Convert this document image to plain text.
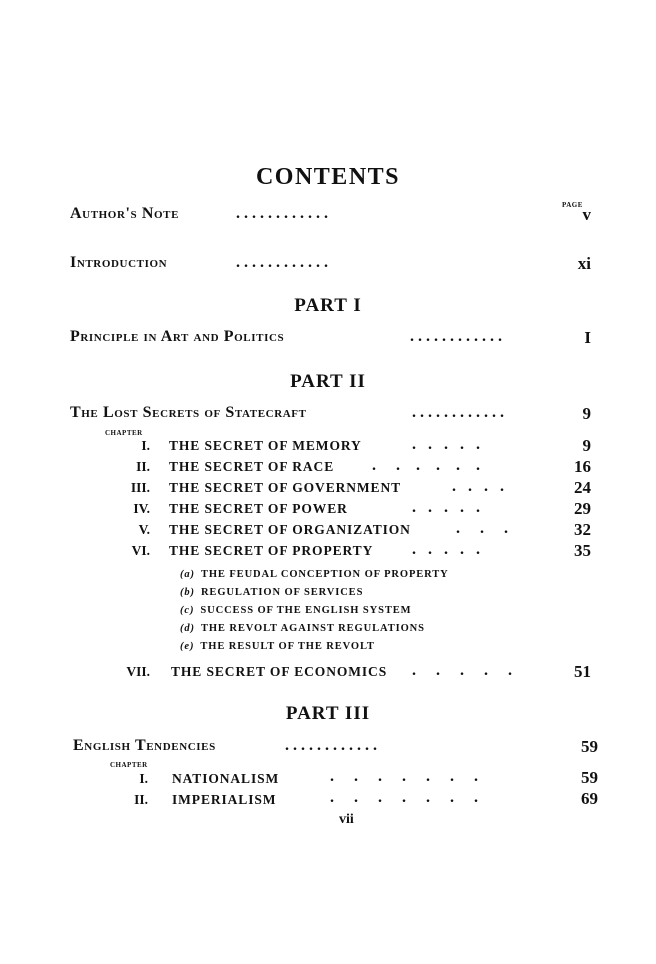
CONTENTS
PAGE
Author's Note	. . . . . . . . . . . .	v
Introduction	. . . . . . . . . . . .	xi
PART I
Principle in Art and Politics	. . . . . . . . . . . .	I
PART II
The Lost Secrets of Statecraft	. . . . . . . . . . . .	9
CHAPTER
I. THE SECRET OF MEMORY	.   .   .   .   .	9
II. THE SECRET OF RACE .     .    .    .    .    .	16
III. THE SECRET OF GOVERNMENT	.   .   .   .	24
IV. THE SECRET OF POWER	.   .   .   .   .	29
V. THE SECRET OF ORGANIZATION	.     .     .	32
VI. THE SECRET OF PROPERTY .   .   .   .   .	35
(a) THE FEUDAL CONCEPTION OF PROPERTY
(b) REGULATION OF SERVICES
(c) SUCCESS OF THE ENGLISH SYSTEM
(d) THE REVOLT AGAINST REGULATIONS
(e) THE RESULT OF THE REVOLT
VII. THE SECRET OF ECONOMICS .     .     .     .     .	51
PART III
English Tendencies	. . . . . . . . . . . .	59
CHAPTER
I. NATIONALISM	.     .     .     .     .     .     .	59
II. IMPERIALISM	.     .     .     .     .     .     .	69
vii
